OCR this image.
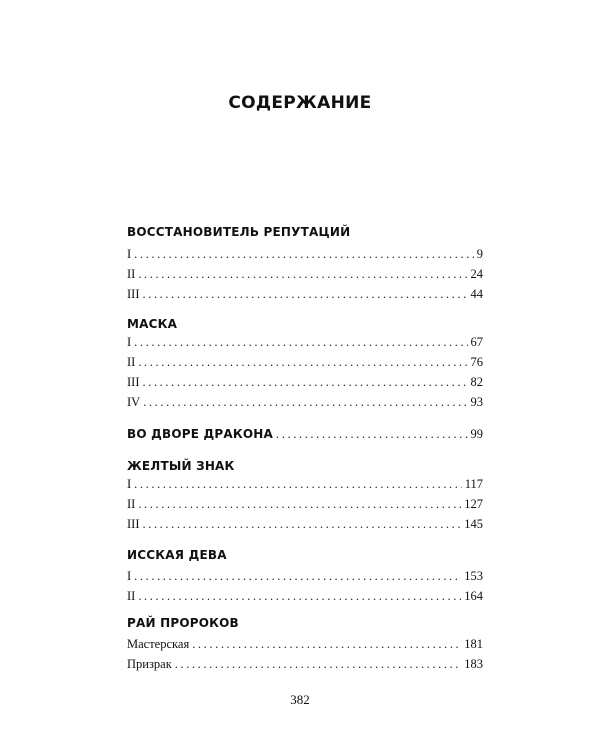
СОДЕРЖАНИЕ
ВОССТАНОВИТЕЛЬ РЕПУТАЦИЙ
I .....	9
II .....	24
III .....	44
МАСКА
I .....	67
II .....	76
III .....	82
IV .....	93
ВО ДВОРЕ ДРАКОНА .....	99
ЖЕЛТЫЙ ЗНАК
I .....	117
II .....	127
III .....	145
ИССКАЯ ДЕВА
I .....	153
II .....	164
РАЙ ПРОРОКОВ
Мастерская .....	181
Призрак .....	183
382
